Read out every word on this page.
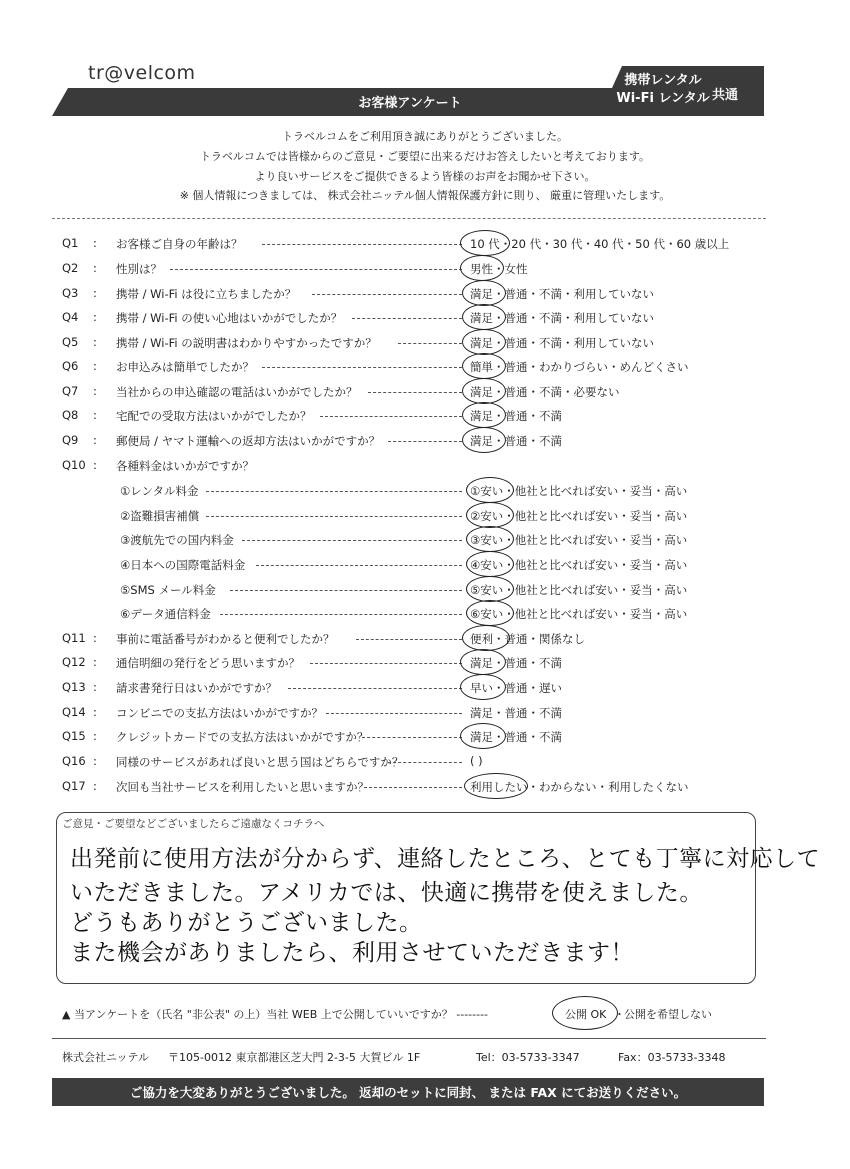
tr@velcom
お客様アンケート
携帯レンタル
Wi-Fi レンタル 共通
トラベルコムをご利用頂き誠にありがとうございました。
トラベルコムでは皆様からのご意見・ご要望に出来るだけお答えしたいと考えております。
より良いサービスをご提供できるよう皆様のお声をお聞かせ下さい。
※ 個人情報につきましては、 株式会社ニッテル個人情報保護方針に則り、 厳重に管理いたします。
Q1 : お客様ご自身の年齢は？	10 代・20 代・30 代・40 代・50 代・60 歳以上
Q2 : 性別は？	男性・女性
Q3 : 携帯 / Wi-Fi は役に立ちましたか？	満足・普通・不満・利用していない
Q4 : 携帯 / Wi-Fi の使い心地はいかがでしたか？	満足・普通・不満・利用していない
Q5 : 携帯 / Wi-Fi の説明書はわかりやすかったですか？	満足・普通・不満・利用していない
Q6 : お申込みは簡単でしたか？	簡単・普通・わかりづらい・めんどくさい
Q7 : 当社からの申込確認の電話はいかがでしたか？	満足・普通・不満・必要ない
Q8 : 宅配での受取方法はいかがでしたか？	満足・普通・不満
Q9 : 郵便局 / ヤマト運輸への返却方法はいかがですか？	満足・普通・不満
Q10 : 各種料金はいかがですか？
①レンタル料金	①安い・他社と比べれば安い・妥当・高い
②盗難損害補償	②安い・他社と比べれば安い・妥当・高い
③渡航先での国内料金	③安い・他社と比べれば安い・妥当・高い
④日本への国際電話料金	④安い・他社と比べれば安い・妥当・高い
⑤SMS メール料金	⑤安い・他社と比べれば安い・妥当・高い
⑥データ通信料金	⑥安い・他社と比べれば安い・妥当・高い
Q11 : 事前に電話番号がわかると便利でしたか？	便利・普通・関係なし
Q12 : 通信明細の発行をどう思いますか？	満足・普通・不満
Q13 : 請求書発行日はいかがですか？	早い・普通・遅い
Q14 : コンビニでの支払方法はいかがですか？	満足・普通・不満
Q15 : クレジットカードでの支払方法はいかがですか？	満足・普通・不満
Q16 : 同様のサービスがあれば良いと思う国はどちらですか？	( )
Q17 : 次回も当社サービスを利用したいと思いますか？	利用したい・わからない・利用したくない
ご意見・ご要望などございましたらご遠慮なくコチラへ
出発前に使用方法が分からず、連絡したところ、とても丁寧に対応して
いただきました。アメリカでは、快適に携帯を使えました。
どうもありがとうございました。
また機会がありましたら、利用させていただきます！
▲ 当アンケートを（氏名 "非公表" の上）当社 WEB 上で公開していいですか？ --------	公開 OK ・ 公開を希望しない
株式会社ニッテル 〒105-0012 東京都港区芝大門 2-3-5 大賀ビル 1F	Tel：03-5733-3347	Fax：03-5733-3348
ご協力を大変ありがとうございました。 返却のセットに同封、 または FAX にてお送りください。
